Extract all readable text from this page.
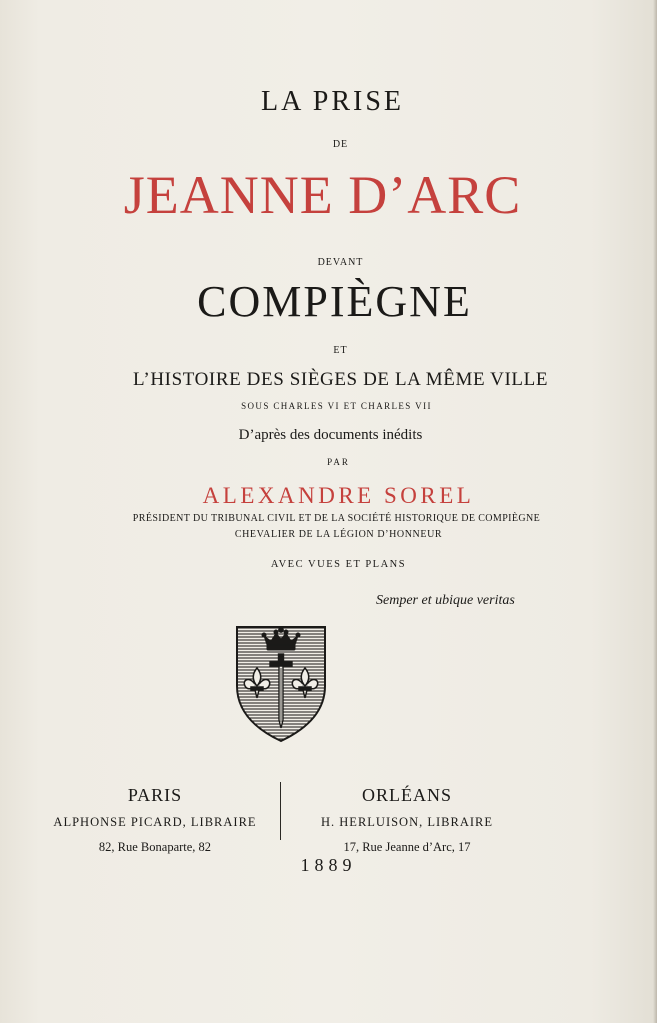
LA PRISE
DE
JEANNE D’ARC
DEVANT
COMPIÈGNE
ET
L’HISTOIRE DES SIÈGES DE LA MÊME VILLE
SOUS CHARLES VI ET CHARLES VII
D’après des documents inédits
PAR
ALEXANDRE SOREL
PRÉSIDENT DU TRIBUNAL CIVIL ET DE LA SOCIÉTÉ HISTORIQUE DE COMPIÈGNE
CHEVALIER DE LA LÉGION D’HONNEUR
AVEC VUES ET PLANS
Semper et ubique veritas
PARIS
ALPHONSE PICARD, LIBRAIRE
82, Rue Bonaparte, 82
ORLÉANS
H. HERLUISON, LIBRAIRE
17, Rue Jeanne d’Arc, 17
1889
